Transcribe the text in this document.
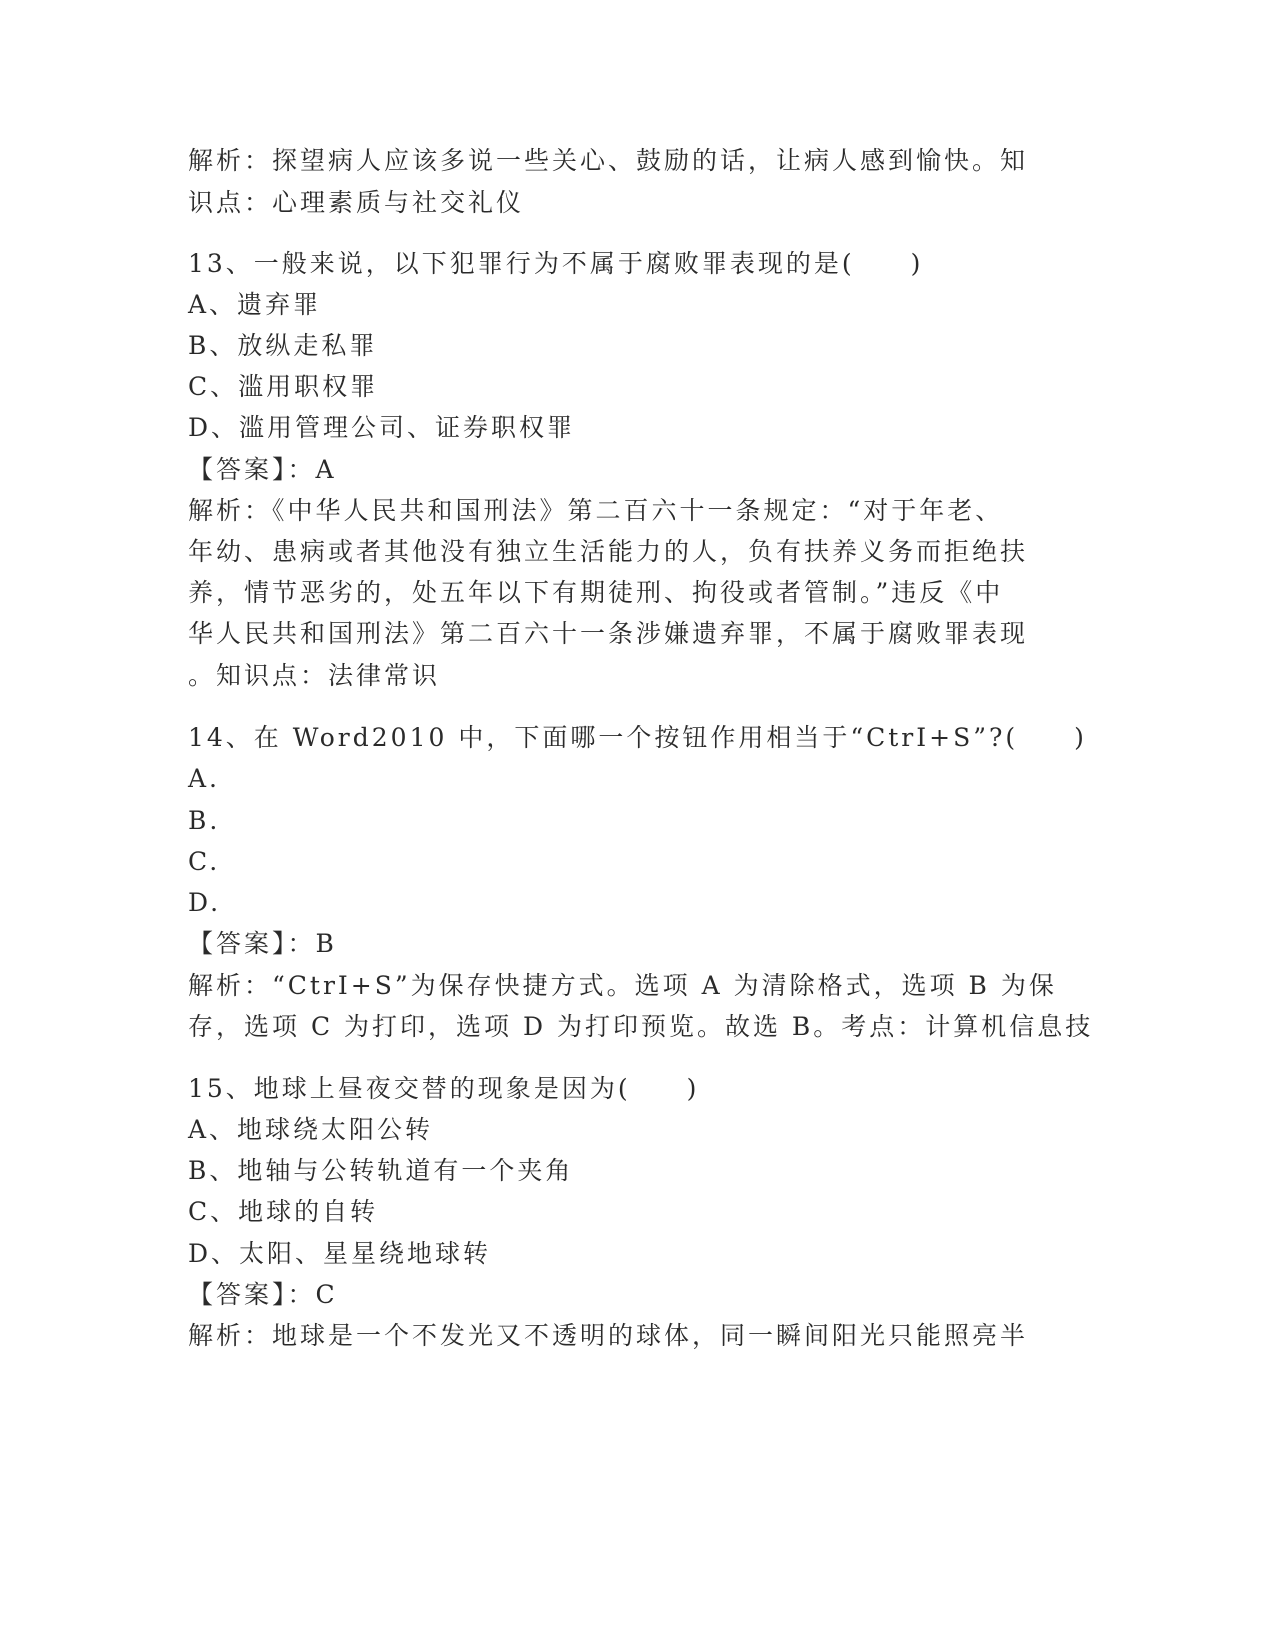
解析：探望病人应该多说一些关心、鼓励的话，让病人感到愉快。知
识点：心理素质与社交礼仪
13、一般来说，以下犯罪行为不属于腐败罪表现的是(　　)
A、遗弃罪
B、放纵走私罪
C、滥用职权罪
D、滥用管理公司、证券职权罪
【答案】：A
解析：《中华人民共和国刑法》第二百六十一条规定：“对于年老、
年幼、患病或者其他没有独立生活能力的人，负有扶养义务而拒绝扶
养，情节恶劣的，处五年以下有期徒刑、拘役或者管制。”违反《中
华人民共和国刑法》第二百六十一条涉嫌遗弃罪，不属于腐败罪表现
。知识点：法律常识
14、在 Word2010 中，下面哪一个按钮作用相当于“CtrI+S”?(　　)
A.
B.
C.
D.
【答案】：B
解析：“CtrI+S”为保存快捷方式。选项 A 为清除格式，选项 B 为保
存，选项 C 为打印，选项 D 为打印预览。故选 B。考点：计算机信息技
15、地球上昼夜交替的现象是因为(　　)
A、地球绕太阳公转
B、地轴与公转轨道有一个夹角
C、地球的自转
D、太阳、星星绕地球转
【答案】：C
解析：地球是一个不发光又不透明的球体，同一瞬间阳光只能照亮半
